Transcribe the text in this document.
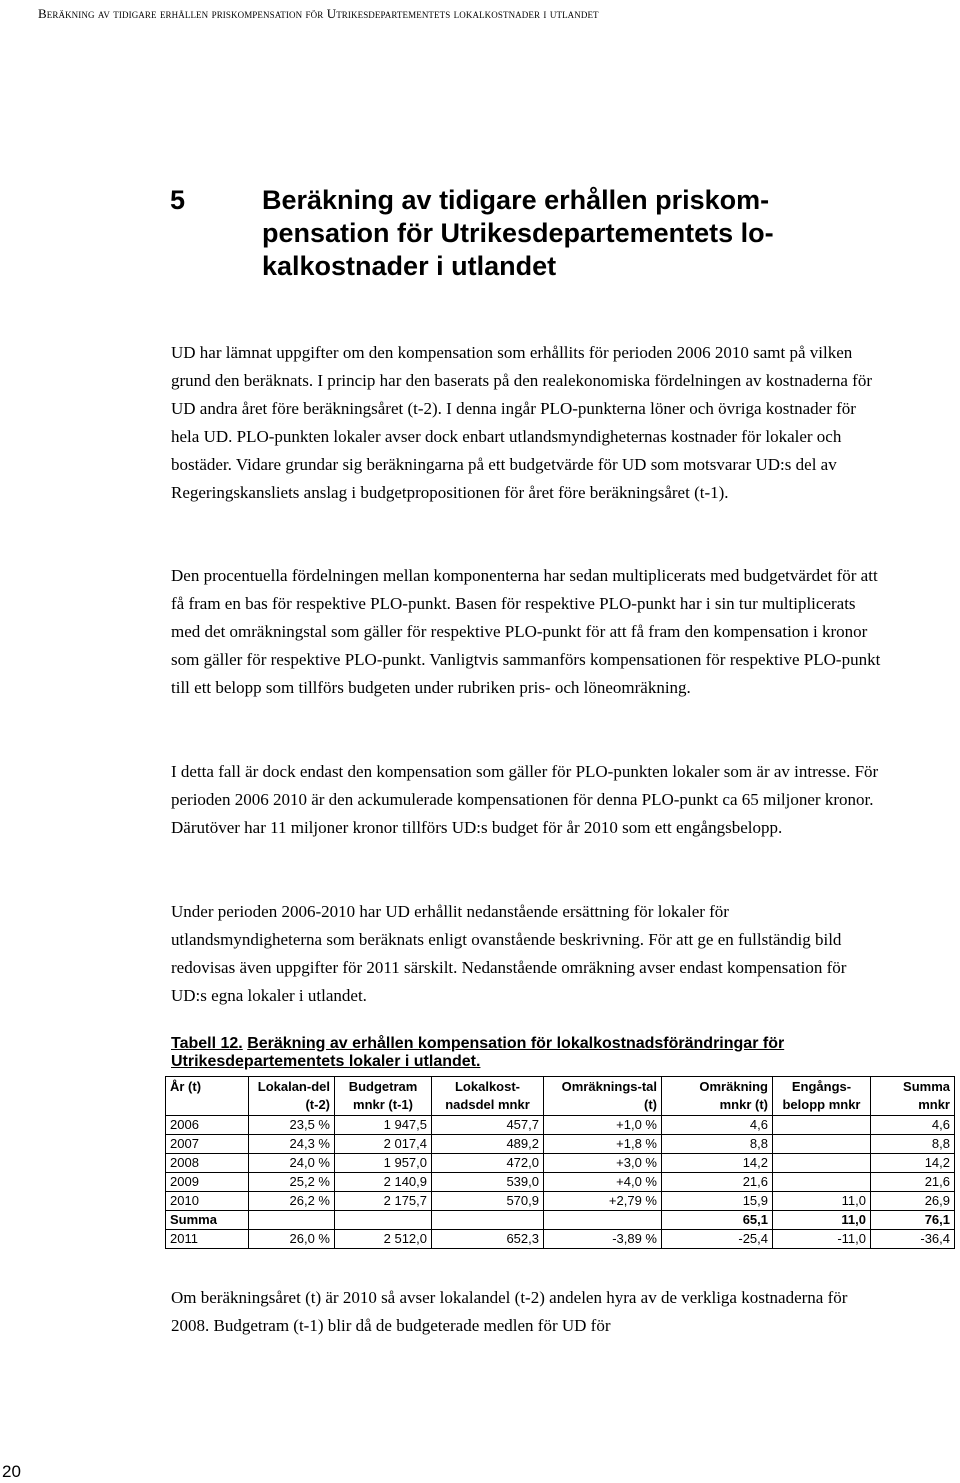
Beräkning av tidigare erhållen priskompensation för Utrikesdepartementets lokalkostnader i utlandet
5	Beräkning av tidigare erhållen priskom-
pensation för Utrikesdepartementets lo-
kalkostnader i utlandet

UD har lämnat uppgifter om den kompensation som erhållits för perioden 2006 2010 samt på vilken grund den beräknats. I princip har den baserats på den realekonomiska fördelningen av kostnaderna för UD andra året före beräkningsåret (t-2). I denna ingår PLO-punkterna löner och övriga kostnader för hela UD. PLO-punkten lokaler avser dock enbart utlandsmyndigheternas kostnader för lokaler och bostäder. Vidare grundar sig beräkningarna på ett budgetvärde för UD som motsvarar UD:s del av Regeringskansliets anslag i budgetpropositionen för året före beräkningsåret (t-1).

Den procentuella fördelningen mellan komponenterna har sedan multiplicerats med budgetvärdet för att få fram en bas för respektive PLO-punkt. Basen för respektive PLO-punkt har i sin tur multiplicerats med det omräkningstal som gäller för respektive PLO-punkt för att få fram den kompensation i kronor som gäller för respektive PLO-punkt. Vanligtvis sammanförs kompensationen för respektive PLO-punkt till ett belopp som tillförs budgeten under rubriken pris- och löneomräkning.

I detta fall är dock endast den kompensation som gäller för PLO-punkten lokaler som är av intresse. För perioden 2006 2010 är den ackumulerade kompensationen för denna PLO-punkt ca 65 miljoner kronor. Därutöver har 11 miljoner kronor tillförs UD:s budget för år 2010 som ett engångsbelopp.

Under perioden 2006-2010 har UD erhållit nedanstående ersättning för lokaler för utlandsmyndigheterna som beräknats enligt ovanstående beskrivning. För att ge en fullständig bild redovisas även uppgifter för 2011 särskilt. Nedanstående omräkning avser endast kompensation för UD:s egna lokaler i utlandet.

Tabell 12. Beräkning av erhållen kompensation för lokalkostnadsförändringar för Utrikesdepartementets lokaler i utlandet.
År (t)	Lokalan-del (t-2)	Budgetram mnkr (t-1)	Lokalkost-nadsdel mnkr	Omräknings-tal (t)	Omräkning mnkr (t)	Engångs-belopp mnkr	Summa mnkr
2006	23,5 %	1 947,5	457,7	+1,0 %	4,6		4,6
2007	24,3 %	2 017,4	489,2	+1,8 %	8,8		8,8
2008	24,0 %	1 957,0	472,0	+3,0 %	14,2		14,2
2009	25,2 %	2 140,9	539,0	+4,0 %	21,6		21,6
2010	26,2 %	2 175,7	570,9	+2,79 %	15,9	11,0	26,9
Summa					65,1	11,0	76,1
2011	26,0 %	2 512,0	652,3	-3,89 %	-25,4	-11,0	-36,4

Om beräkningsåret (t) är 2010 så avser lokalandel (t-2) andelen hyra av de verkliga kostnaderna för 2008. Budgetram (t-1) blir då de budgeterade medlen för UD för

20
